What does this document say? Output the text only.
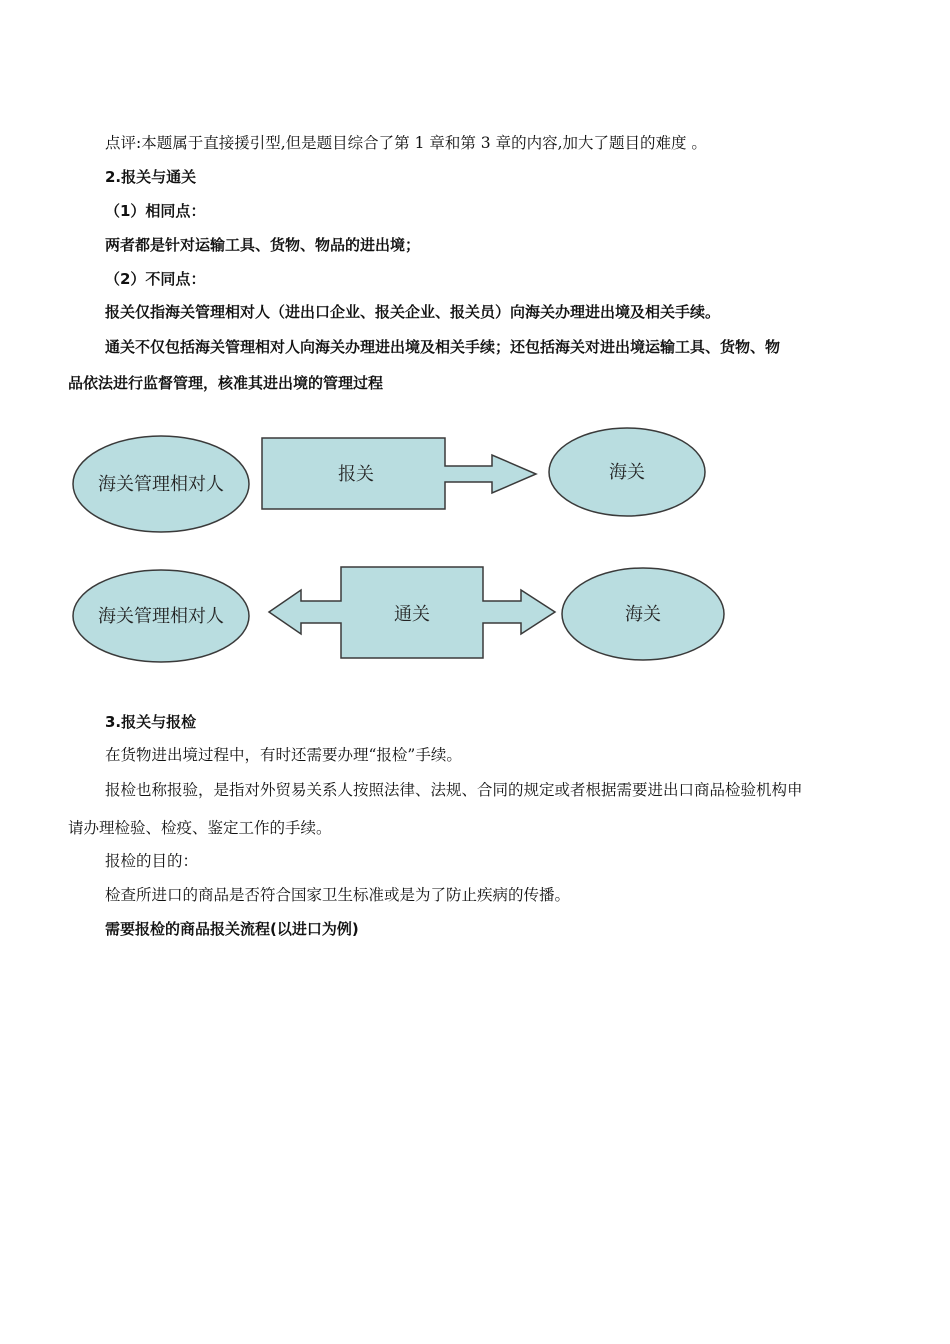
点评:本题属于直接援引型,但是题目综合了第 1 章和第 3 章的内容,加大了题目的难度 。
2.报关与通关
（1）相同点：
两者都是针对运输工具、货物、物品的进出境；
（2）不同点：
报关仅指海关管理相对人（进出口企业、报关企业、报关员）向海关办理进出境及相关手续。
通关不仅包括海关管理相对人向海关办理进出境及相关手续；还包括海关对进出境运输工具、货物、物
品依法进行监督管理，核准其进出境的管理过程
海关管理相对人	报关	海关
海关管理相对人	通关	海关
3.报关与报检
在货物进出境过程中，有时还需要办理“报检”手续。
报检也称报验，是指对外贸易关系人按照法律、法规、合同的规定或者根据需要进出口商品检验机构申
请办理检验、检疫、鉴定工作的手续。
报检的目的：
检查所进口的商品是否符合国家卫生标准或是为了防止疾病的传播。
需要报检的商品报关流程(以进口为例)
